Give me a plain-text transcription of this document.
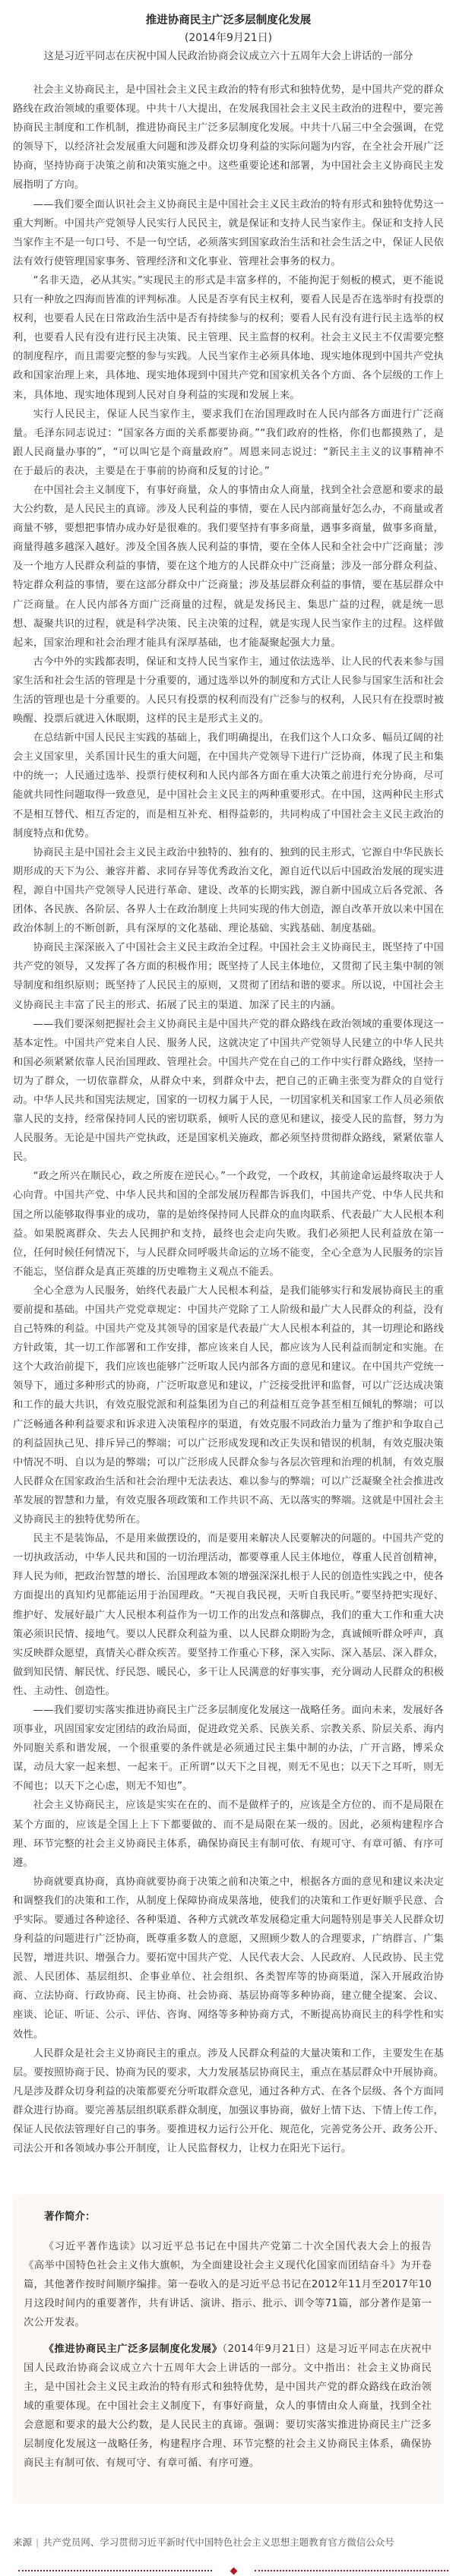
推进协商民主广泛多层制度化发展

(2014年9月21日)

这是习近平同志在庆祝中国人民政治协商会议成立六十五周年大会上讲话的一部分

社会主义协商民主，是中国社会主义民主政治的特有形式和独特优势，是中国共产党的群众路线在政治领域的重要体现。中共十八大提出，在发展我国社会主义民主政治的进程中，要完善协商民主制度和工作机制，推进协商民主广泛多层制度化发展。中共十八届三中全会强调，在党的领导下，以经济社会发展重大问题和涉及群众切身利益的实际问题为内容，在全社会开展广泛协商，坚持协商于决策之前和决策实施之中。这些重要论述和部署，为中国社会主义协商民主发展指明了方向。

——我们要全面认识社会主义协商民主是中国社会主义民主政治的特有形式和独特优势这一重大判断。中国共产党领导人民实行人民民主，就是保证和支持人民当家作主。保证和支持人民当家作主不是一句口号、不是一句空话，必须落实到国家政治生活和社会生活之中，保证人民依法有效行使管理国家事务、管理经济和文化事业、管理社会事务的权力。

“名非天造，必从其实。”实现民主的形式是丰富多样的，不能拘泥于刻板的模式，更不能说只有一种放之四海而皆准的评判标准。人民是否享有民主权利，要看人民是否在选举时有投票的权利，也要看人民在日常政治生活中是否有持续参与的权利；要看人民有没有进行民主选举的权利，也要看人民有没有进行民主决策、民主管理、民主监督的权利。社会主义民主不仅需要完整的制度程序，而且需要完整的参与实践。人民当家作主必须具体地、现实地体现到中国共产党执政和国家治理上来，具体地、现实地体现到中国共产党和国家机关各个方面、各个层级的工作上来，具体地、现实地体现到人民对自身利益的实现和发展上来。

实行人民民主，保证人民当家作主，要求我们在治国理政时在人民内部各方面进行广泛商量。毛泽东同志说过：“国家各方面的关系都要协商。”“我们政府的性格，你们也都摸熟了，是跟人民商量办事的”，“可以叫它是个商量政府”。周恩来同志说过：“新民主主义的议事精神不在于最后的表决，主要是在于事前的协商和反复的讨论。”

在中国社会主义制度下，有事好商量，众人的事情由众人商量，找到全社会意愿和要求的最大公约数，是人民民主的真谛。涉及人民利益的事情，要在人民内部商量好怎么办，不商量或者商量不够，要想把事情办成办好是很难的。我们要坚持有事多商量，遇事多商量，做事多商量，商量得越多越深入越好。涉及全国各族人民利益的事情，要在全体人民和全社会中广泛商量；涉及一个地方人民群众利益的事情，要在这个地方的人民群众中广泛商量；涉及一部分群众利益、特定群众利益的事情，要在这部分群众中广泛商量；涉及基层群众利益的事情，要在基层群众中广泛商量。在人民内部各方面广泛商量的过程，就是发扬民主、集思广益的过程，就是统一思想、凝聚共识的过程，就是科学决策、民主决策的过程，就是实现人民当家作主的过程。这样做起来，国家治理和社会治理才能具有深厚基础，也才能凝聚起强大力量。

古今中外的实践都表明，保证和支持人民当家作主，通过依法选举、让人民的代表来参与国家生活和社会生活的管理是十分重要的，通过选举以外的制度和方式让人民参与国家生活和社会生活的管理也是十分重要的。人民只有投票的权利而没有广泛参与的权利，人民只有在投票时被唤醒、投票后就进入休眠期，这样的民主是形式主义的。

在总结新中国人民民主实践的基础上，我们明确提出，在我们这个人口众多、幅员辽阔的社会主义国家里，关系国计民生的重大问题，在中国共产党领导下进行广泛协商，体现了民主和集中的统一；人民通过选举、投票行使权利和人民内部各方面在重大决策之前进行充分协商，尽可能就共同性问题取得一致意见，是中国社会主义民主的两种重要形式。在中国，这两种民主形式不是相互替代、相互否定的，而是相互补充、相得益彰的，共同构成了中国社会主义民主政治的制度特点和优势。

协商民主是中国社会主义民主政治中独特的、独有的、独到的民主形式，它源自中华民族长期形成的天下为公、兼容并蓄、求同存异等优秀政治文化，源自近代以后中国政治发展的现实进程，源自中国共产党领导人民进行革命、建设、改革的长期实践，源自新中国成立后各党派、各团体、各民族、各阶层、各界人士在政治制度上共同实现的伟大创造，源自改革开放以来中国在政治体制上的不断创新，具有深厚的文化基础、理论基础、实践基础、制度基础。

协商民主深深嵌入了中国社会主义民主政治全过程。中国社会主义协商民主，既坚持了中国共产党的领导，又发挥了各方面的积极作用；既坚持了人民主体地位，又贯彻了民主集中制的领导制度和组织原则；既坚持了人民民主的原则，又贯彻了团结和谐的要求。所以说，中国社会主义协商民主丰富了民主的形式、拓展了民主的渠道、加深了民主的内涵。

——我们要深刻把握社会主义协商民主是中国共产党的群众路线在政治领域的重要体现这一基本定性。中国共产党来自人民、服务人民，这就决定了中国共产党领导人民建立的中华人民共和国必须紧紧依靠人民治国理政、管理社会。中国共产党在自己的工作中实行群众路线，坚持一切为了群众，一切依靠群众，从群众中来，到群众中去，把自己的正确主张变为群众的自觉行动。中华人民共和国宪法规定，国家的一切权力属于人民，一切国家机关和国家工作人员必须依靠人民的支持，经常保持同人民的密切联系，倾听人民的意见和建议，接受人民的监督，努力为人民服务。无论是中国共产党执政，还是国家机关施政，都必须坚持贯彻群众路线，紧紧依靠人民。

“政之所兴在顺民心，政之所废在逆民心。”一个政党，一个政权，其前途命运最终取决于人心向背。中国共产党、中华人民共和国的全部发展历程都告诉我们，中国共产党、中华人民共和国之所以能够取得事业的成功，靠的是始终保持同人民群众的血肉联系、代表最广大人民根本利益。如果脱离群众、失去人民拥护和支持，最终也会走向失败。我们必须把人民利益放在第一位，任何时候任何情况下，与人民群众同呼吸共命运的立场不能变，全心全意为人民服务的宗旨不能忘，坚信群众是真正英雄的历史唯物主义观点不能丢。

全心全意为人民服务，始终代表最广大人民根本利益，是我们能够实行和发展协商民主的重要前提和基础。中国共产党党章规定：中国共产党除了工人阶级和最广大人民群众的利益，没有自己特殊的利益。中国共产党及其领导的国家是代表最广大人民根本利益的，其一切理论和路线方针政策，其一切工作部署和工作安排，都应该来自人民，都应该为人民利益而制定和实施。在这个大政治前提下，我们应该也能够广泛听取人民内部各方面的意见和建议。在中国共产党统一领导下，通过多种形式的协商，广泛听取意见和建议，广泛接受批评和监督，可以广泛达成决策和工作的最大共识，有效克服党派和利益集团为自己的利益相互竞争甚至相互倾轧的弊端；可以广泛畅通各种利益要求和诉求进入决策程序的渠道，有效克服不同政治力量为了维护和争取自己的利益固执己见、排斥异己的弊端；可以广泛形成发现和改正失误和错误的机制，有效克服决策中情况不明、自以为是的弊端；可以广泛形成人民群众参与各层次管理和治理的机制，有效克服人民群众在国家政治生活和社会治理中无法表达、难以参与的弊端；可以广泛凝聚全社会推进改革发展的智慧和力量，有效克服各项政策和工作共识不高、无以落实的弊端。这就是中国社会主义协商民主的独特优势所在。

民主不是装饰品，不是用来做摆设的，而是要用来解决人民要解决的问题的。中国共产党的一切执政活动，中华人民共和国的一切治理活动，都要尊重人民主体地位，尊重人民首创精神，拜人民为师，把政治智慧的增长、治国理政本领的增强深深扎根于人民的创造性实践之中，使各方面提出的真知灼见都能运用于治国理政。“天视自我民视，天听自我民听。”要坚持把实现好、维护好、发展好最广大人民根本利益作为一切工作的出发点和落脚点，我们的重大工作和重大决策必须识民情、接地气。要以人民群众利益为重、以人民群众期盼为念，真诚倾听群众呼声，真实反映群众愿望，真情关心群众疾苦。要坚持工作重心下移，深入实际、深入基层、深入群众，做到知民情、解民忧、纾民怨、暖民心，多干让人民满意的好事实事，充分调动人民群众的积极性、主动性、创造性。

——我们要切实落实推进协商民主广泛多层制度化发展这一战略任务。面向未来，发展好各项事业，巩固国家安定团结的政治局面，促进政党关系、民族关系、宗教关系、阶层关系、海内外同胞关系和谐发展，一个很重要的条件就是必须通过民主集中制的办法，广开言路，博采众谋，动员大家一起来想、一起来干。正所谓“以天下之目视，则无不见也；以天下之耳听，则无不闻也；以天下之心虑，则无不知也”。

社会主义协商民主，应该是实实在在的、而不是做样子的，应该是全方位的、而不是局限在某个方面的，应该是全国上上下下都要做的、而不是局限在某一级的。因此，必须构建程序合理、环节完整的社会主义协商民主体系，确保协商民主有制可依、有规可守、有章可循、有序可遵。

协商就要真协商，真协商就要协商于决策之前和决策之中，根据各方面的意见和建议来决定和调整我们的决策和工作，从制度上保障协商成果落地，使我们的决策和工作更好顺乎民意、合乎实际。要通过各种途径、各种渠道、各种方式就改革发展稳定重大问题特别是事关人民群众切身利益的问题进行广泛协商，既尊重多数人的意愿，又照顾少数人的合理要求，广纳群言、广集民智，增进共识、增强合力。要拓宽中国共产党、人民代表大会、人民政府、人民政协、民主党派、人民团体、基层组织、企事业单位、社会组织、各类智库等的协商渠道，深入开展政治协商、立法协商、行政协商、民主协商、社会协商、基层协商等多种协商，建立健全提案、会议、座谈、论证、听证、公示、评估、咨询、网络等多种协商方式，不断提高协商民主的科学性和实效性。

人民群众是社会主义协商民主的重点。涉及人民群众利益的大量决策和工作，主要发生在基层。要按照协商于民、协商为民的要求，大力发展基层协商民主，重点在基层群众中开展协商。凡是涉及群众切身利益的决策都要充分听取群众意见，通过各种方式、在各个层级、各个方面同群众进行协商。要完善基层组织联系群众制度，加强议事协商，做好上情下达、下情上传工作，保证人民依法管理好自己的事务。要推进权力运行公开化、规范化，完善党务公开、政务公开、司法公开和各领域办事公开制度，让人民监督权力，让权力在阳光下运行。

著作简介：

《习近平著作选读》以习近平总书记在中国共产党第二十次全国代表大会上的报告《高举中国特色社会主义伟大旗帜，为全面建设社会主义现代化国家而团结奋斗》为开卷篇，其他著作按时间顺序编排。第一卷收入的是习近平总书记在2012年11月至2017年10月这段时间内的重要著作，共有讲话、演讲、指示、批示、训令等71篇，部分著作是第一次公开发表。

《推进协商民主广泛多层制度化发展》（2014年9月21日）这是习近平同志在庆祝中国人民政治协商会议成立六十五周年大会上讲话的一部分。文中指出：社会主义协商民主，是中国社会主义民主政治的特有形式和独特优势，是中国共产党的群众路线在政治领域的重要体现。在中国社会主义制度下，有事好商量，众人的事情由众人商量，找到全社会意愿和要求的最大公约数，是人民民主的真谛。强调：要切实落实推进协商民主广泛多层制度化发展这一战略任务，构建程序合理、环节完整的社会主义协商民主体系，确保协商民主有制可依、有规可守、有章可循、有序可遵。

来源 | 共产党员网、学习贯彻习近平新时代中国特色社会主义思想主题教育官方微信公众号
